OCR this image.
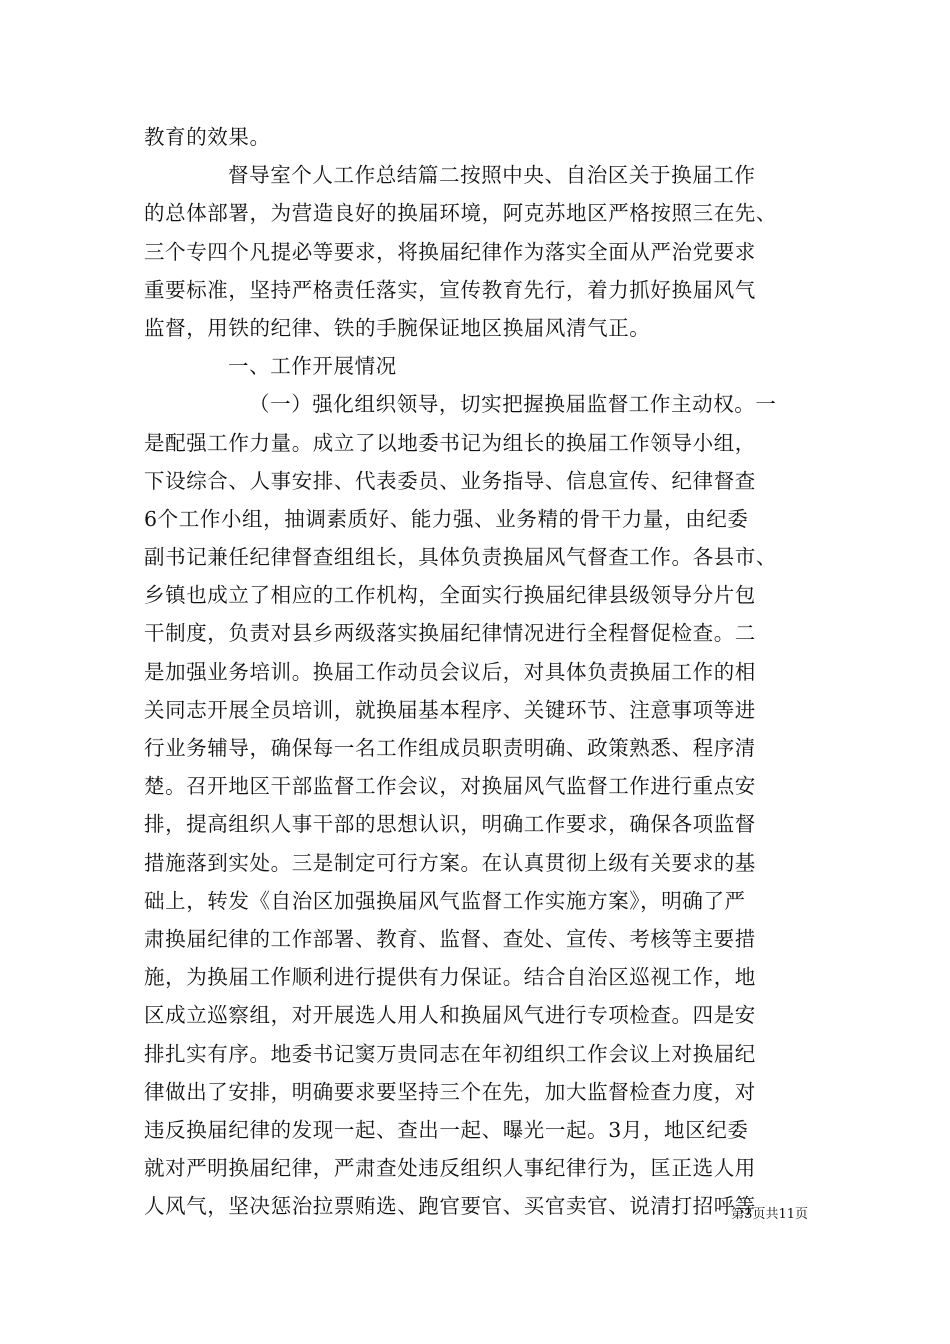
教育的效果。
督导室个人工作总结篇二按照中央、自治区关于换届工作
的总体部署，为营造良好的换届环境，阿克苏地区严格按照三在先、
三个专四个凡提必等要求，将换届纪律作为落实全面从严治党要求
重要标准，坚持严格责任落实，宣传教育先行，着力抓好换届风气
监督，用铁的纪律、铁的手腕保证地区换届风清气正。
一、工作开展情况
（一）强化组织领导，切实把握换届监督工作主动权。一
是配强工作力量。成立了以地委书记为组长的换届工作领导小组，
下设综合、人事安排、代表委员、业务指导、信息宣传、纪律督查
6个工作小组，抽调素质好、能力强、业务精的骨干力量，由纪委
副书记兼任纪律督查组组长，具体负责换届风气督查工作。各县市、
乡镇也成立了相应的工作机构，全面实行换届纪律县级领导分片包
干制度，负责对县乡两级落实换届纪律情况进行全程督促检查。二
是加强业务培训。换届工作动员会议后，对具体负责换届工作的相
关同志开展全员培训，就换届基本程序、关键环节、注意事项等进
行业务辅导，确保每一名工作组成员职责明确、政策熟悉、程序清
楚。召开地区干部监督工作会议，对换届风气监督工作进行重点安
排，提高组织人事干部的思想认识，明确工作要求，确保各项监督
措施落到实处。三是制定可行方案。在认真贯彻上级有关要求的基
础上，转发《自治区加强换届风气监督工作实施方案》，明确了严
肃换届纪律的工作部署、教育、监督、查处、宣传、考核等主要措
施，为换届工作顺利进行提供有力保证。结合自治区巡视工作，地
区成立巡察组，对开展选人用人和换届风气进行专项检查。四是安
排扎实有序。地委书记窦万贵同志在年初组织工作会议上对换届纪
律做出了安排，明确要求要坚持三个在先，加大监督检查力度，对
违反换届纪律的发现一起、查出一起、曝光一起。3月，地区纪委
就对严明换届纪律，严肃查处违反组织人事纪律行为，匡正选人用
人风气，坚决惩治拉票贿选、跑官要官、买官卖官、说清打招呼等
第3页共11页
